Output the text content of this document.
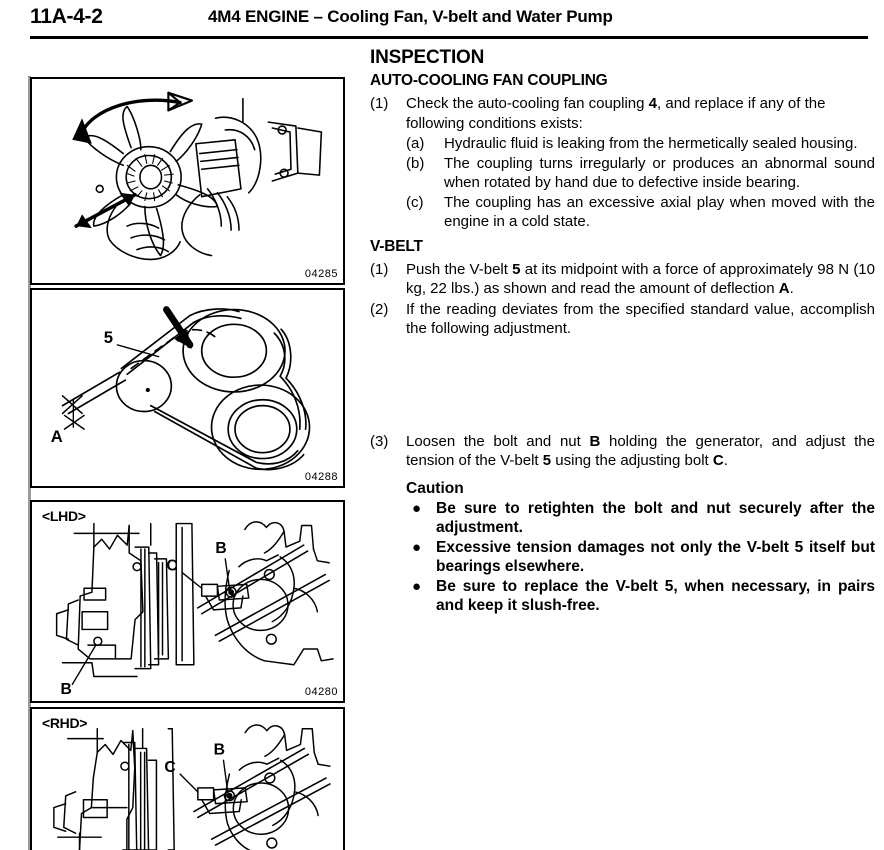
11A-4-2	4M4 ENGINE – Cooling Fan, V-belt and Water Pump
04285
5
A
04288
<LHD>
B
C
B	04280
<RHD>
B
C
INSPECTION
AUTO-COOLING FAN COUPLING
(1)	Check the auto-cooling fan coupling 4, and replace if any of the following conditions exists:
(a)	Hydraulic fluid is leaking from the hermetically sealed housing.
(b)	The coupling turns irregularly or produces an abnormal sound when rotated by hand due to defective inside bearing.
(c)	The coupling has an excessive axial play when moved with the engine in a cold state.
V-BELT
(1)	Push the V-belt 5 at its midpoint with a force of approximately 98 N (10 kg, 22 lbs.) as shown and read the amount of deflection A.
(2)	If the reading deviates from the specified standard value, accomplish the following adjustment.
(3)	Loosen the bolt and nut B holding the generator, and adjust the tension of the V-belt 5 using the adjusting bolt C.
Caution
● Be sure to retighten the bolt and nut securely after the adjustment.
● Excessive tension damages not only the V-belt 5 itself but bearings elsewhere.
● Be sure to replace the V-belt 5, when necessary, in pairs and keep it slush-free.
